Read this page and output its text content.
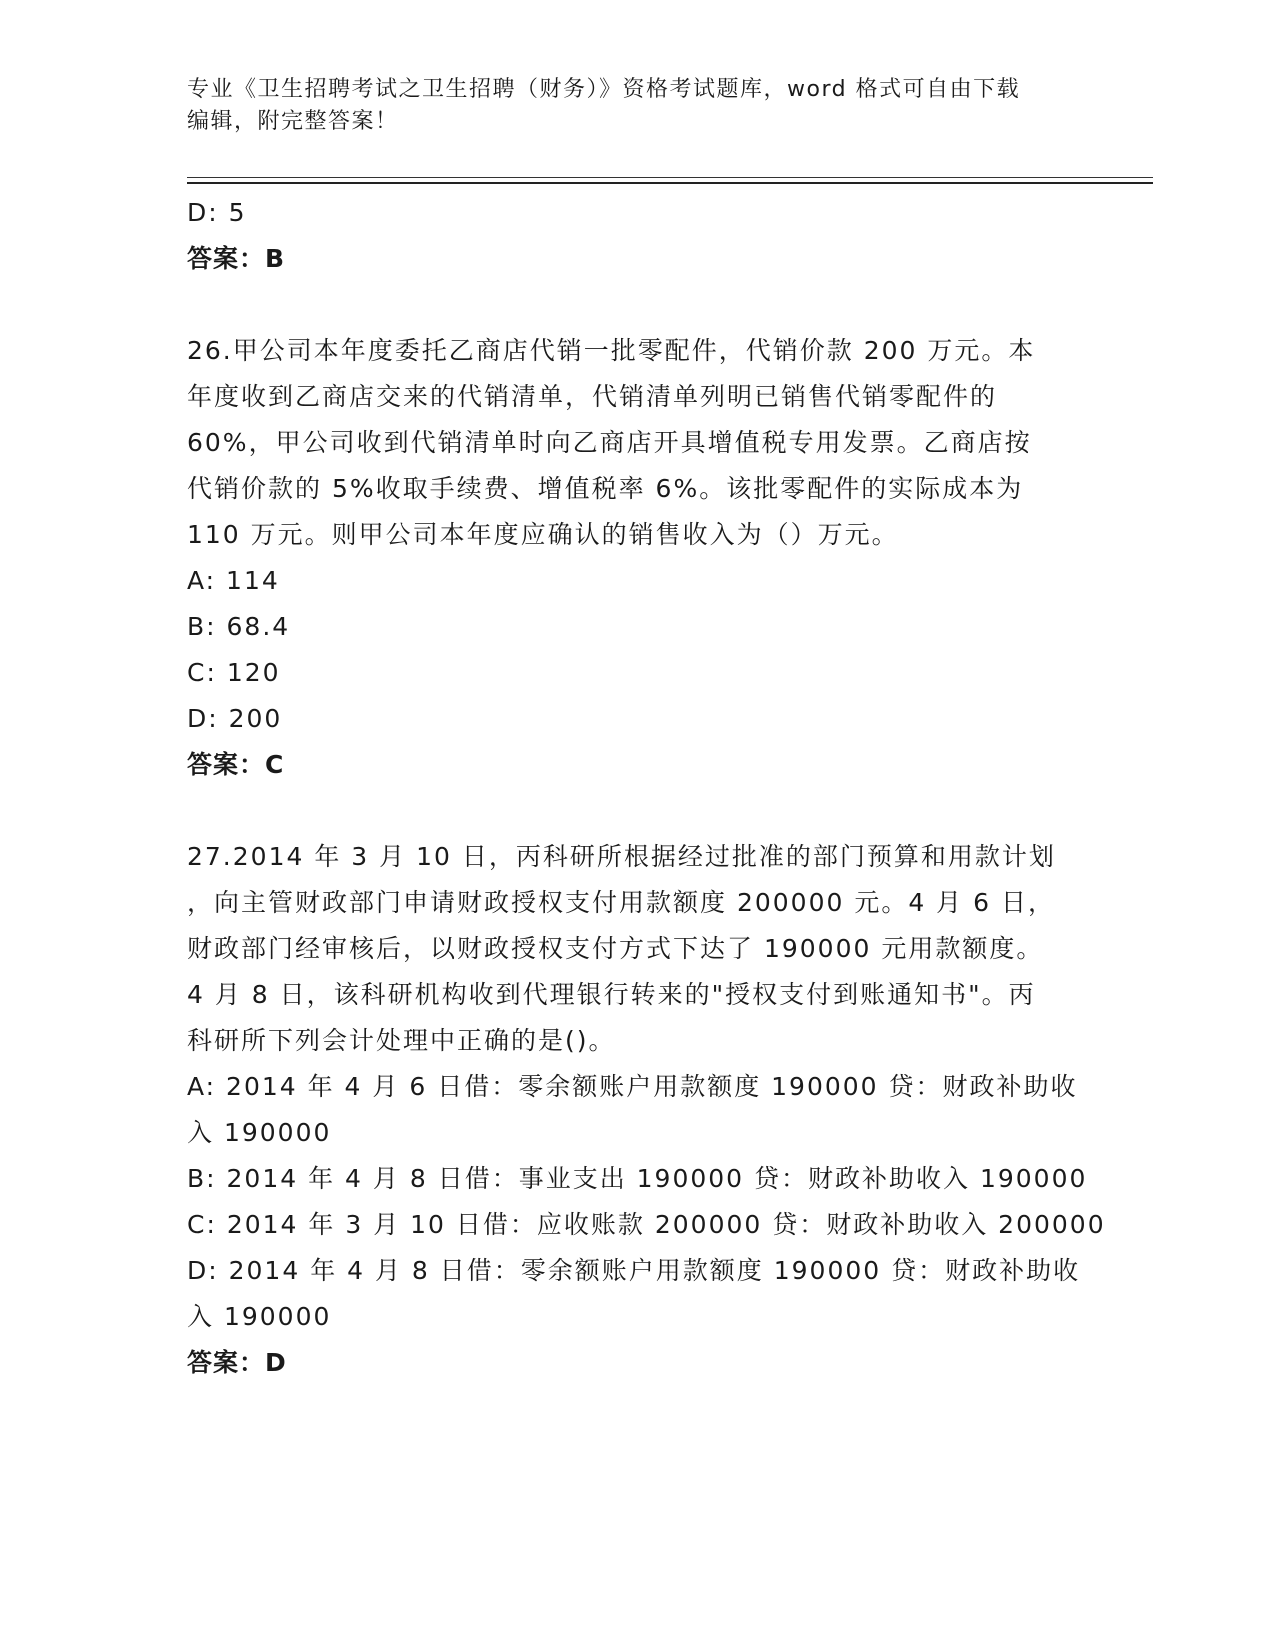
专业《卫生招聘考试之卫生招聘（财务）》资格考试题库，word 格式可自由下载
编辑，附完整答案！
D: 5
答案：B
26.甲公司本年度委托乙商店代销一批零配件，代销价款 200 万元。本
年度收到乙商店交来的代销清单，代销清单列明已销售代销零配件的
60%，甲公司收到代销清单时向乙商店开具增值税专用发票。乙商店按
代销价款的 5%收取手续费、增值税率 6%。该批零配件的实际成本为
110 万元。则甲公司本年度应确认的销售收入为（）万元。
A: 114
B: 68.4
C: 120
D: 200
答案：C
27.2014 年 3 月 10 日，丙科研所根据经过批准的部门预算和用款计划
，向主管财政部门申请财政授权支付用款额度 200000 元。4 月 6 日，
财政部门经审核后，以财政授权支付方式下达了 190000 元用款额度。
4 月 8 日，该科研机构收到代理银行转来的"授权支付到账通知书"。丙
科研所下列会计处理中正确的是()。
A: 2014 年 4 月 6 日借：零余额账户用款额度 190000 贷：财政补助收
入 190000
B: 2014 年 4 月 8 日借：事业支出 190000 贷：财政补助收入 190000
C: 2014 年 3 月 10 日借：应收账款 200000 贷：财政补助收入 200000
D: 2014 年 4 月 8 日借：零余额账户用款额度 190000 贷：财政补助收
入 190000
答案：D
